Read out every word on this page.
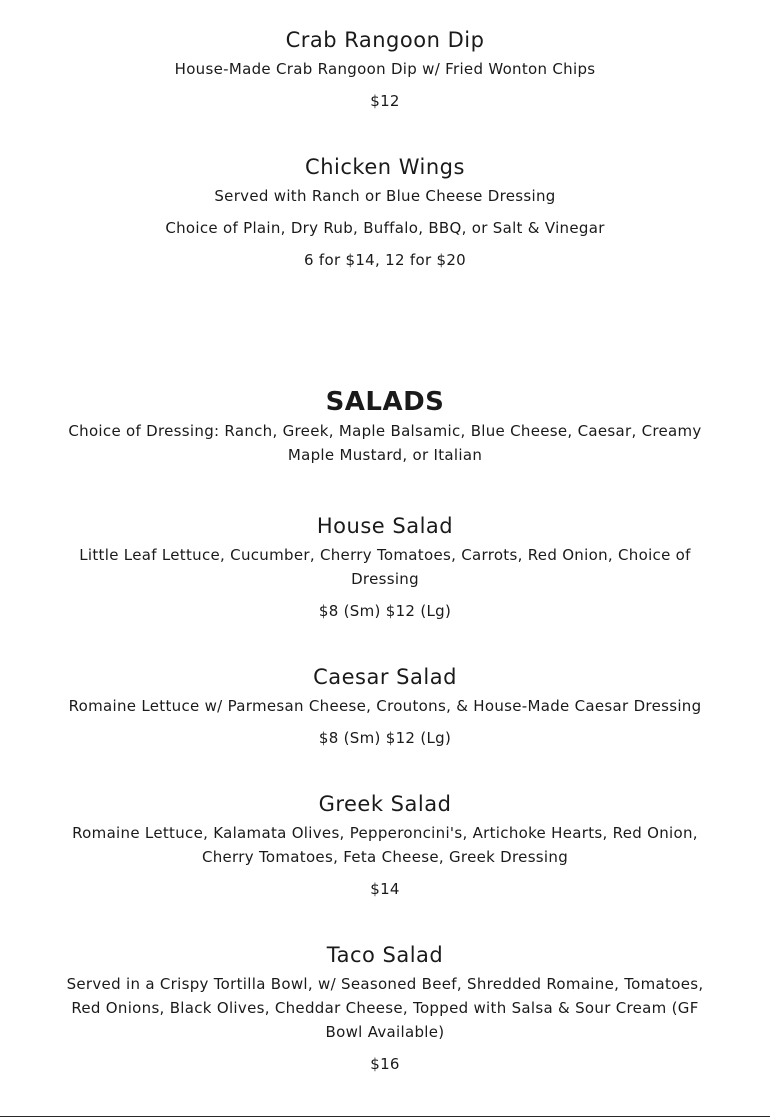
Crab Rangoon Dip

House-Made Crab Rangoon Dip w/ Fried Wonton Chips

$12

Chicken Wings

Served with Ranch or Blue Cheese Dressing

Choice of Plain, Dry Rub, Buffalo, BBQ, or Salt & Vinegar

6 for $14, 12 for $20

SALADS

Choice of Dressing: Ranch, Greek, Maple Balsamic, Blue Cheese, Caesar, Creamy Maple Mustard, or Italian

House Salad

Little Leaf Lettuce, Cucumber, Cherry Tomatoes, Carrots, Red Onion, Choice of Dressing

$8 (Sm) $12 (Lg)

Caesar Salad

Romaine Lettuce w/ Parmesan Cheese, Croutons, & House-Made Caesar Dressing

$8 (Sm) $12 (Lg)

Greek Salad

Romaine Lettuce, Kalamata Olives, Pepperoncini's, Artichoke Hearts, Red Onion, Cherry Tomatoes, Feta Cheese, Greek Dressing

$14

Taco Salad

Served in a Crispy Tortilla Bowl, w/ Seasoned Beef, Shredded Romaine, Tomatoes, Red Onions, Black Olives, Cheddar Cheese, Topped with Salsa & Sour Cream (GF Bowl Available)

$16
